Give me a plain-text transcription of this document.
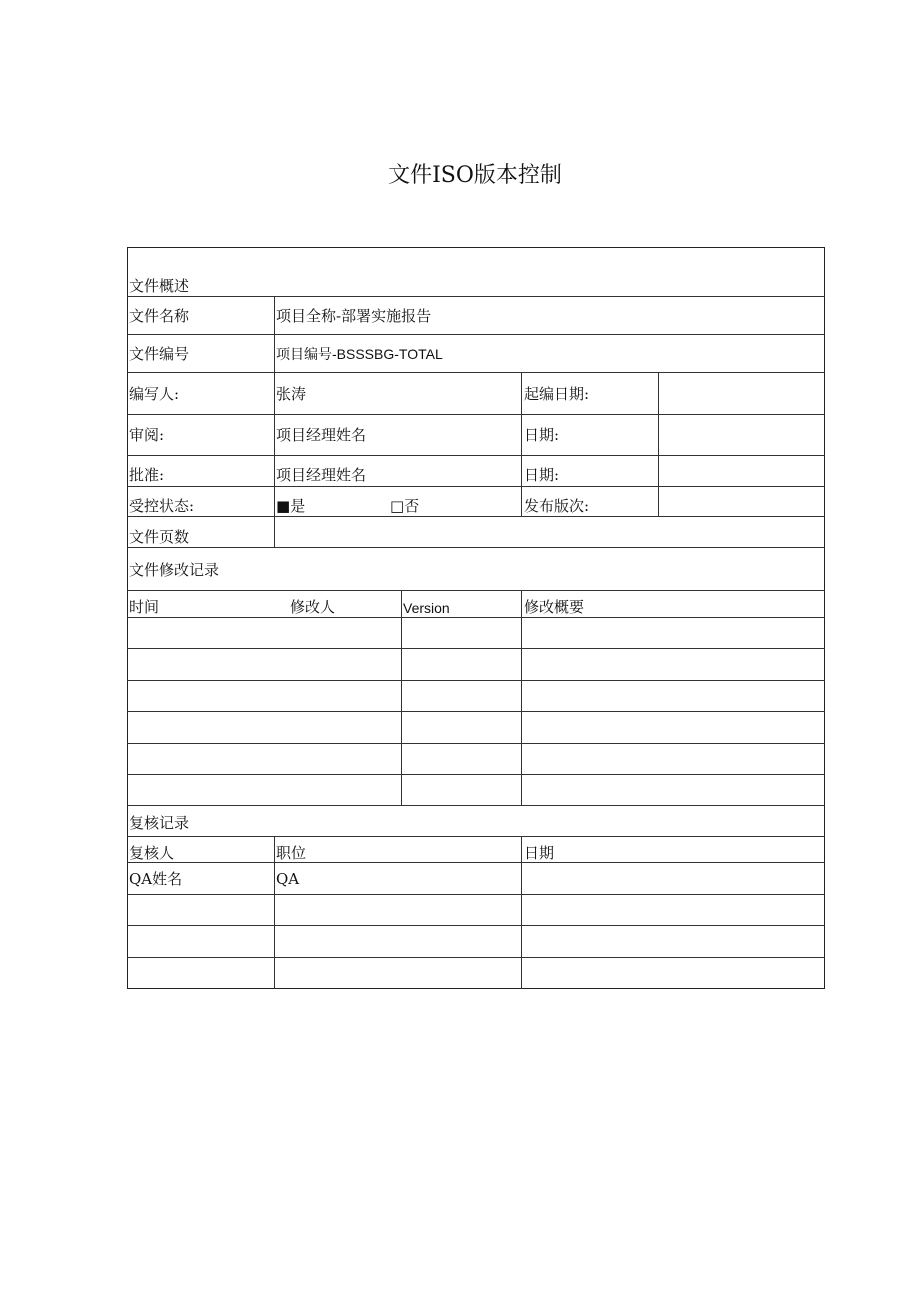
文件ISO版本控制
文件概述
文件名称	项目全称-部署实施报告
文件编号	项目编号-BSSSBG-TOTAL
编写人:	张涛	起编日期:
审阅:	项目经理姓名	日期:
批准:	项目经理姓名	日期:
受控状态:	■是	□否	发布版次:
文件页数
文件修改记录
时间	修改人	Version	修改概要
复核记录
复核人	职位	日期
QA姓名	QA
